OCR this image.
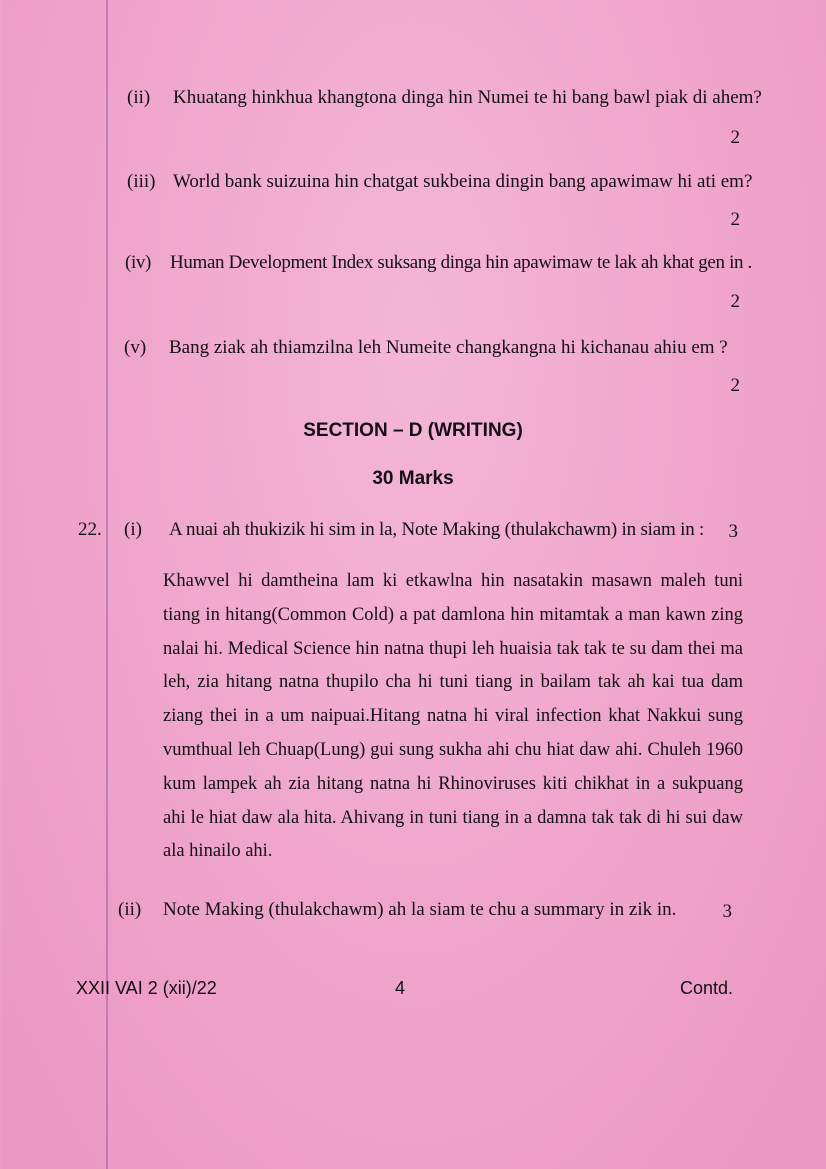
(ii) Khuatang hinkhua khangtona dinga hin Numei te hi bang bawl piak di ahem?
2
(iii) World bank suizuina hin chatgat sukbeina dingin bang apawimaw hi ati em?
2
(iv) Human Development Index suksang dinga hin apawimaw te lak ah khat gen in .
2
(v) Bang ziak ah thiamzilna leh Numeite changkangna hi kichanau ahiu em ?
2
SECTION – D (WRITING)
30 Marks
22. (i) A nuai ah thukizik hi sim in la, Note Making (thulakchawm) in siam in : 3
Khawvel hi damtheina lam ki etkawlna hin nasatakin masawn maleh tuni tiang in hitang(Common Cold) a pat damlona hin mitamtak a man kawn zing nalai hi. Medical Science hin natna thupi leh huaisia tak tak te su dam thei ma leh, zia hitang natna thupilo cha hi tuni tiang in bailam tak ah kai tua dam ziang thei in a um naipuai.Hitang natna hi viral infection khat Nakkui sung vumthual leh Chuap(Lung) gui sung sukha ahi chu hiat daw ahi. Chuleh 1960 kum lampek ah zia hitang natna hi Rhinoviruses kiti chikhat in a sukpuang ahi le hiat daw ala hita. Ahivang in tuni tiang in a damna tak tak di hi sui daw ala hinailo ahi.
(ii) Note Making (thulakchawm) ah la siam te chu a summary in zik in. 3
XXII VAI 2 (xii)/22	4	Contd.
